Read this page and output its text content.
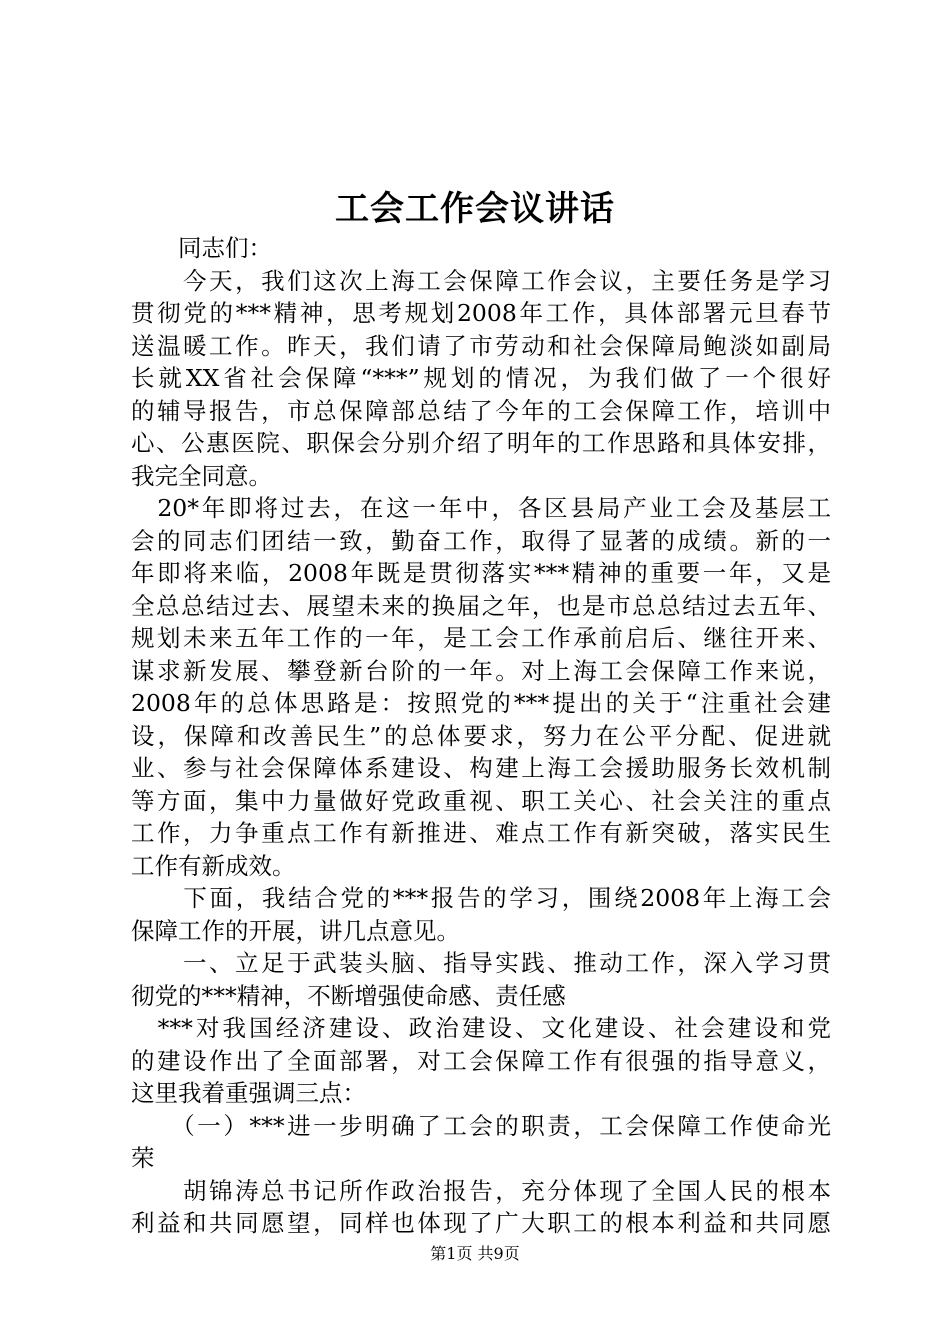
工会工作会议讲话
　　同志们：
　　今天，我们这次上海工会保障工作会议，主要任务是学习
贯彻党的***精神，思考规划2008年工作，具体部署元旦春节
送温暖工作。昨天，我们请了市劳动和社会保障局鲍淡如副局
长就XX省社会保障“***”规划的情况，为我们做了一个很好
的辅导报告，市总保障部总结了今年的工会保障工作，培训中
心、公惠医院、职保会分别介绍了明年的工作思路和具体安排，
我完全同意。
　20*年即将过去，在这一年中，各区县局产业工会及基层工
会的同志们团结一致，勤奋工作，取得了显著的成绩。新的一
年即将来临，2008年既是贯彻落实***精神的重要一年，又是
全总总结过去、展望未来的换届之年，也是市总总结过去五年、
规划未来五年工作的一年，是工会工作承前启后、继往开来、
谋求新发展、攀登新台阶的一年。对上海工会保障工作来说，
2008年的总体思路是：按照党的***提出的关于“注重社会建
设，保障和改善民生”的总体要求，努力在公平分配、促进就
业、参与社会保障体系建设、构建上海工会援助服务长效机制
等方面，集中力量做好党政重视、职工关心、社会关注的重点
工作，力争重点工作有新推进、难点工作有新突破，落实民生
工作有新成效。
　　下面，我结合党的***报告的学习，围绕2008年上海工会
保障工作的开展，讲几点意见。
　　一、立足于武装头脑、指导实践、推动工作，深入学习贯
彻党的***精神，不断增强使命感、责任感
　***对我国经济建设、政治建设、文化建设、社会建设和党
的建设作出了全面部署，对工会保障工作有很强的指导意义，
这里我着重强调三点：
　　（一）***进一步明确了工会的职责，工会保障工作使命光
荣
　　胡锦涛总书记所作政治报告，充分体现了全国人民的根本
利益和共同愿望，同样也体现了广大职工的根本利益和共同愿
第1页 共9页
